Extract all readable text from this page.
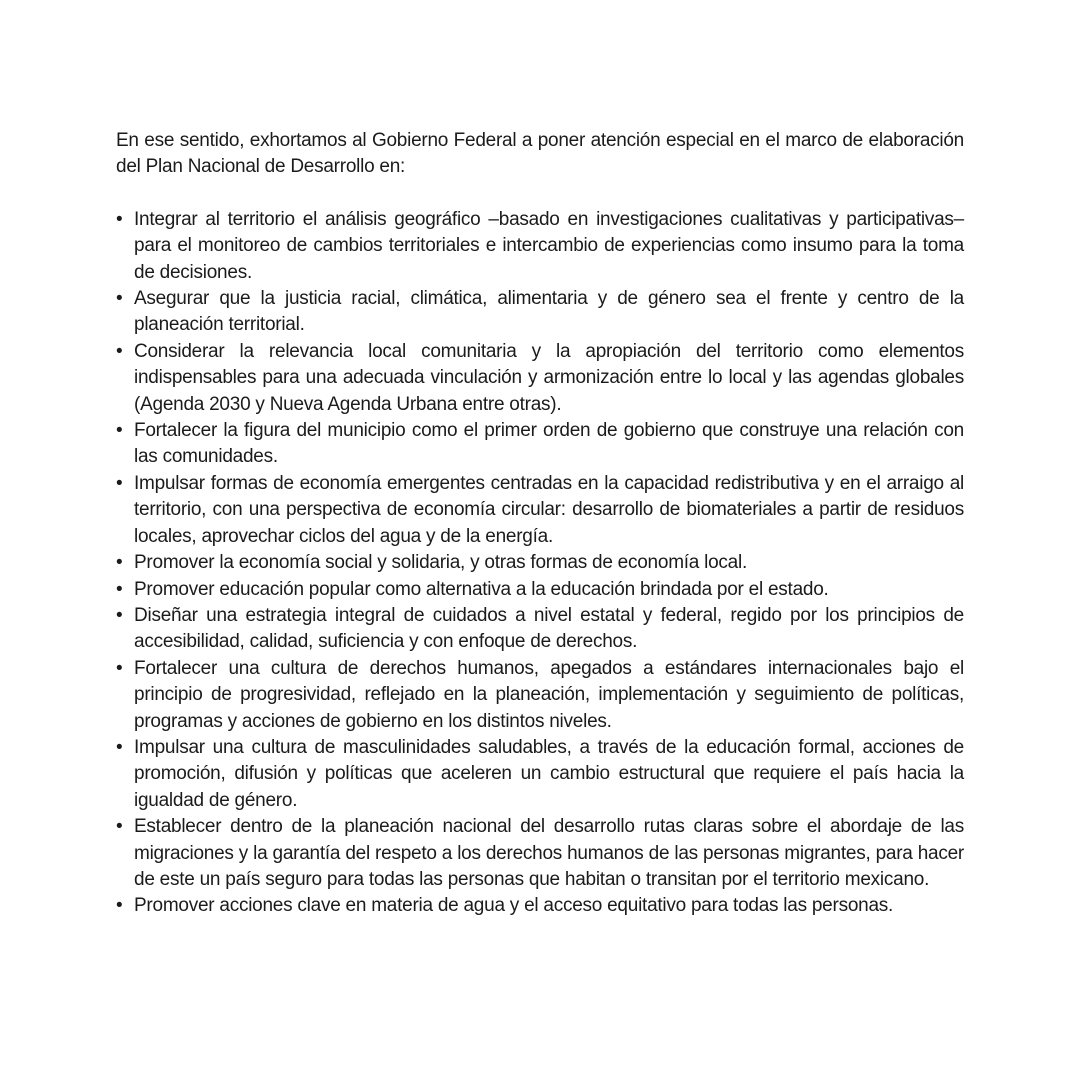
En ese sentido, exhortamos al Gobierno Federal a poner atención especial en el marco de elaboración del Plan Nacional de Desarrollo en:

• Integrar al territorio el análisis geográfico –basado en investigaciones cualitativas y participativas– para el monitoreo de cambios territoriales e intercambio de experiencias como insumo para la toma de decisiones.
• Asegurar que la justicia racial, climática, alimentaria y de género sea el frente y centro de la planeación territorial.
• Considerar la relevancia local comunitaria y la apropiación del territorio como elementos indispensables para una adecuada vinculación y armonización entre lo local y las agendas globales (Agenda 2030 y Nueva Agenda Urbana entre otras).
• Fortalecer la figura del municipio como el primer orden de gobierno que construye una relación con las comunidades.
• Impulsar formas de economía emergentes centradas en la capacidad redistributiva y en el arraigo al territorio, con una perspectiva de economía circular: desarrollo de biomateriales a partir de residuos locales, aprovechar ciclos del agua y de la energía.
• Promover la economía social y solidaria, y otras formas de economía local.
• Promover educación popular como alternativa a la educación brindada por el estado.
• Diseñar una estrategia integral de cuidados a nivel estatal y federal, regido por los principios de accesibilidad, calidad, suficiencia y con enfoque de derechos.
• Fortalecer una cultura de derechos humanos, apegados a estándares internacionales bajo el principio de progresividad, reflejado en la planeación, implementación y seguimiento de políticas, programas y acciones de gobierno en los distintos niveles.
• Impulsar una cultura de masculinidades saludables, a través de la educación formal, acciones de promoción, difusión y políticas que aceleren un cambio estructural que requiere el país hacia la igualdad de género.
• Establecer dentro de la planeación nacional del desarrollo rutas claras sobre el abordaje de las migraciones y la garantía del respeto a los derechos humanos de las personas migrantes, para hacer de este un país seguro para todas las personas que habitan o transitan por el territorio mexicano.
• Promover acciones clave en materia de agua y el acceso equitativo para todas las personas.
